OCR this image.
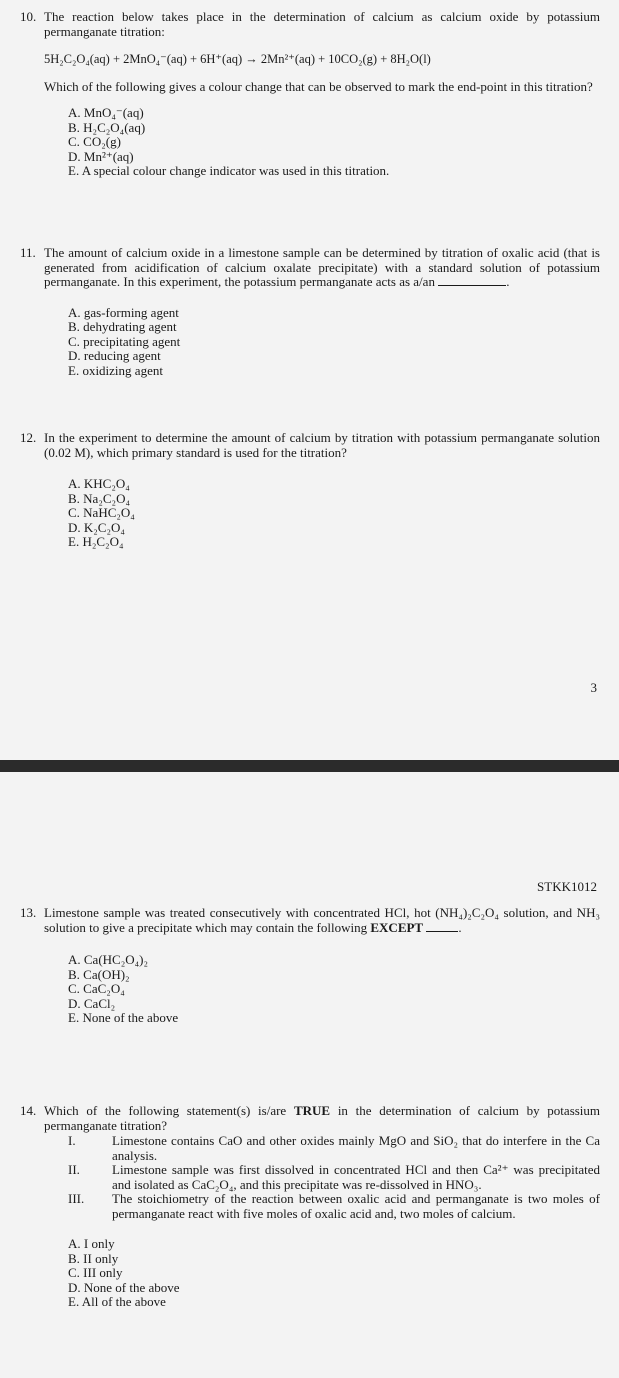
10. The reaction below takes place in the determination of calcium as calcium oxide by potassium permanganate titration:
5H₂C₂O₄(aq) + 2MnO₄⁻(aq) + 6H⁺(aq) → 2Mn²⁺(aq) + 10CO₂(g) + 8H₂O(l)
Which of the following gives a colour change that can be observed to mark the end-point in this titration?
A. MnO₄⁻(aq)
B. H₂C₂O₄(aq)
C. CO₂(g)
D. Mn²⁺(aq)
E. A special colour change indicator was used in this titration.
11. The amount of calcium oxide in a limestone sample can be determined by titration of oxalic acid (that is generated from acidification of calcium oxalate precipitate) with a standard solution of potassium permanganate. In this experiment, the potassium permanganate acts as a/an	.
A. gas-forming agent
B. dehydrating agent
C. precipitating agent
D. reducing agent
E. oxidizing agent
12. In the experiment to determine the amount of calcium by titration with potassium permanganate solution (0.02 M), which primary standard is used for the titration?
A. KHC₂O₄
B. Na₂C₂O₄
C. NaHC₂O₄
D. K₂C₂O₄
E. H₂C₂O₄
3
STKK1012
13. Limestone sample was treated consecutively with concentrated HCl, hot (NH₄)₂C₂O₄ solution, and NH₃ solution to give a precipitate which may contain the following EXCEPT	.
A. Ca(HC₂O₄)₂
B. Ca(OH)₂
C. CaC₂O₄
D. CaCl₂
E. None of the above
14. Which of the following statement(s) is/are TRUE in the determination of calcium by potassium permanganate titration?
I.	Limestone contains CaO and other oxides mainly MgO and SiO₂ that do interfere in the Ca analysis.
II. Limestone sample was first dissolved in concentrated HCl and then Ca²⁺ was precipitated and isolated as CaC₂O₄, and this precipitate was re-dissolved in HNO₃.
III. The stoichiometry of the reaction between oxalic acid and permanganate is two moles of permanganate react with five moles of oxalic acid and, two moles of calcium.
A. I only
B. II only
C. III only
D. None of the above
E. All of the above
